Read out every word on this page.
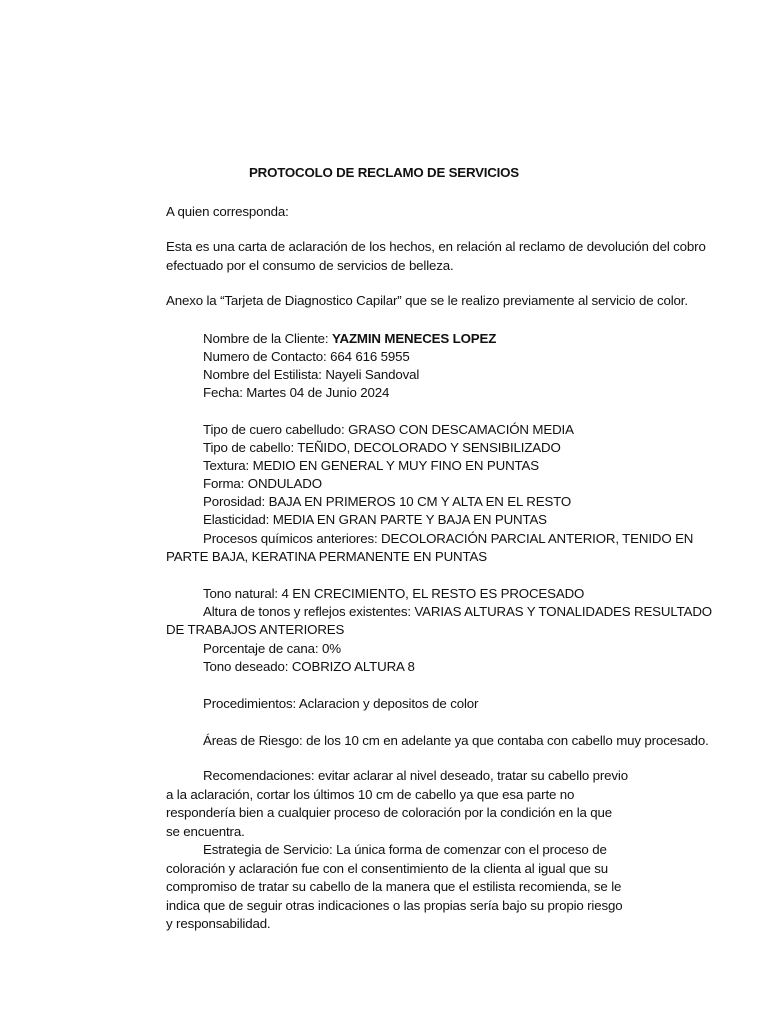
PROTOCOLO DE RECLAMO DE SERVICIOS
A quien corresponda:
Esta es una carta de aclaración de los hechos, en relación al reclamo de devolución del cobro
efectuado por el consumo de servicios de belleza.
Anexo la “Tarjeta de Diagnostico Capilar” que se le realizo previamente al servicio de color.
Nombre de la Cliente: YAZMIN MENECES LOPEZ
Numero de Contacto: 664 616 5955
Nombre del Estilista: Nayeli Sandoval
Fecha: Martes 04 de Junio 2024
Tipo de cuero cabelludo: GRASO CON DESCAMACIÓN MEDIA
Tipo de cabello: TEÑIDO, DECOLORADO Y SENSIBILIZADO
Textura: MEDIO EN GENERAL Y MUY FINO EN PUNTAS
Forma: ONDULADO
Porosidad: BAJA EN PRIMEROS 10 CM Y ALTA EN EL RESTO
Elasticidad: MEDIA EN GRAN PARTE Y BAJA EN PUNTAS
Procesos químicos anteriores: DECOLORACIÓN PARCIAL ANTERIOR, TENIDO EN
PARTE BAJA, KERATINA PERMANENTE EN PUNTAS
Tono natural: 4 EN CRECIMIENTO, EL RESTO ES PROCESADO
Altura de tonos y reflejos existentes: VARIAS ALTURAS Y TONALIDADES RESULTADO
DE TRABAJOS ANTERIORES
Porcentaje de cana: 0%
Tono deseado: COBRIZO ALTURA 8
Procedimientos: Aclaracion y depositos de color
Áreas de Riesgo: de los 10 cm en adelante ya que contaba con cabello muy procesado.
Recomendaciones: evitar aclarar al nivel deseado, tratar su cabello previo a la aclaración, cortar los últimos 10 cm de cabello ya que esa parte no respondería bien a cualquier proceso de coloración por la condición en la que se encuentra.
Estrategia de Servicio: La única forma de comenzar con el proceso de coloración y aclaración fue con el consentimiento de la clienta al igual que su compromiso de tratar su cabello de la manera que el estilista recomienda, se le indica que de seguir otras indicaciones o las propias sería bajo su propio riesgo y responsabilidad.
